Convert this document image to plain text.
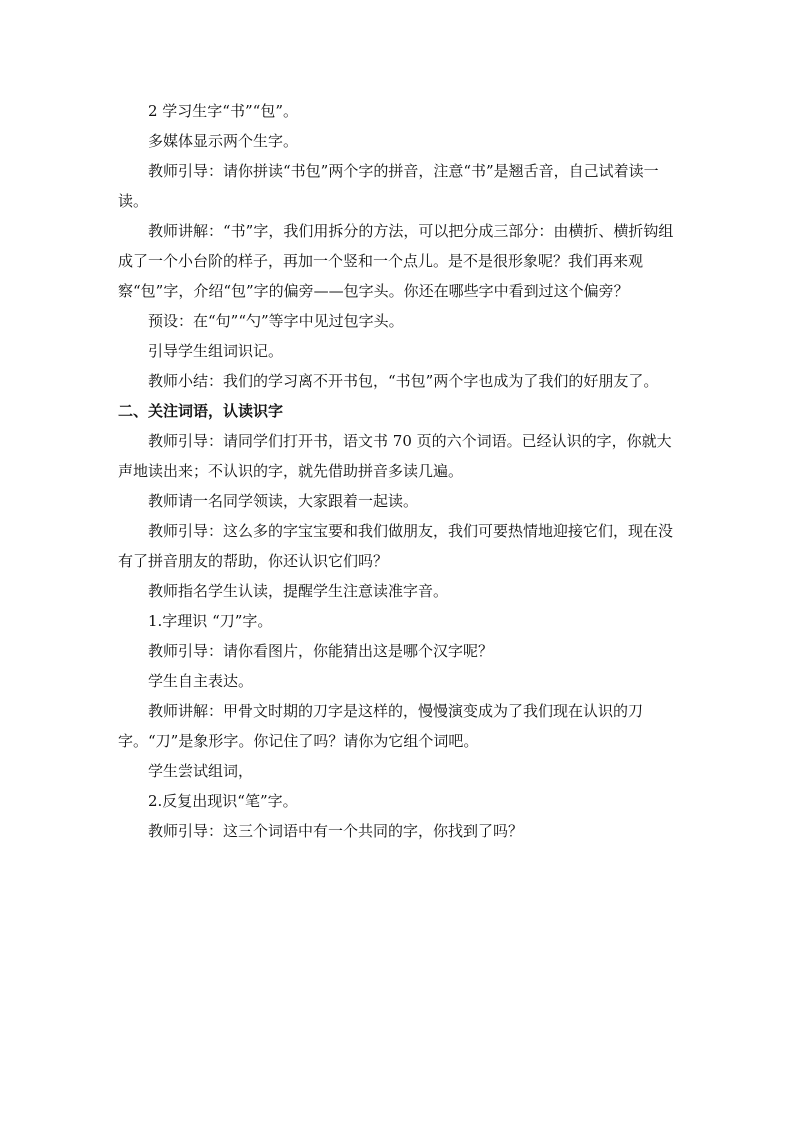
2 学习生字“书”“包”。

多媒体显示两个生字。

教师引导：请你拼读“书包”两个字的拼音，注意“书”是翘舌音，自己试着读一读。

教师讲解：“书”字，我们用拆分的方法，可以把分成三部分：由横折、横折钩组成了一个小台阶的样子，再加一个竖和一个点儿。是不是很形象呢？我们再来观察“包”字，介绍“包”字的偏旁——包字头。你还在哪些字中看到过这个偏旁？

预设：在“句”“勺”等字中见过包字头。

引导学生组词识记。

教师小结：我们的学习离不开书包，“书包”两个字也成为了我们的好朋友了。

二、关注词语，认读识字

教师引导：请同学们打开书，语文书 70 页的六个词语。已经认识的字，你就大声地读出来；不认识的字，就先借助拼音多读几遍。

教师请一名同学领读，大家跟着一起读。

教师引导：这么多的字宝宝要和我们做朋友，我们可要热情地迎接它们，现在没有了拼音朋友的帮助，你还认识它们吗？

教师指名学生认读，提醒学生注意读准字音。

1.字理识 “刀”字。

教师引导：请你看图片，你能猜出这是哪个汉字呢？

学生自主表达。

教师讲解：甲骨文时期的刀字是这样的，慢慢演变成为了我们现在认识的刀字。“刀”是象形字。你记住了吗？请你为它组个词吧。

学生尝试组词，

2.反复出现识“笔”字。

教师引导：这三个词语中有一个共同的字，你找到了吗？
